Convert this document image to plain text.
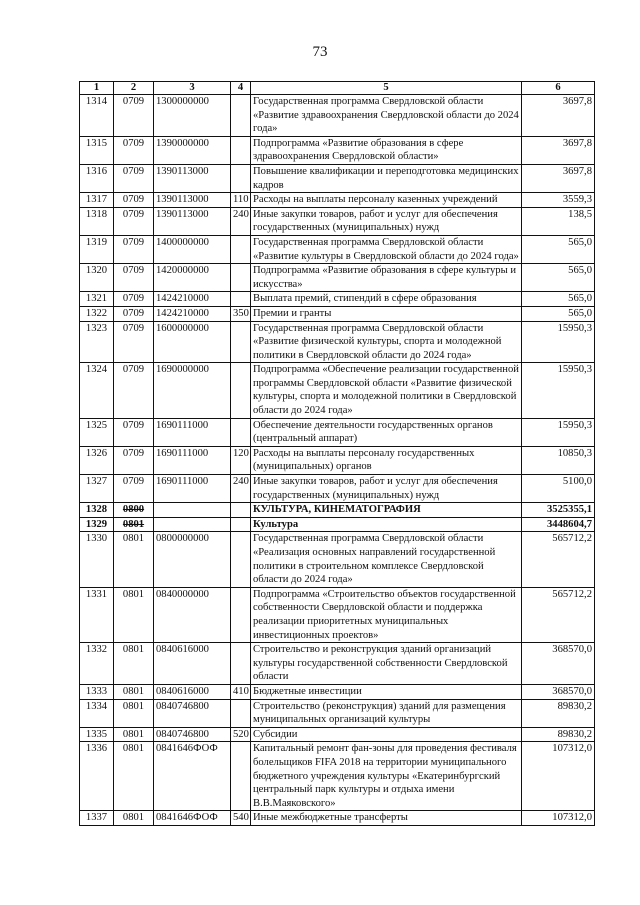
73
1	2	3	4	5	6
1314	0709	1300000000		Государственная программа Свердловской области «Развитие здравоохранения Свердловской области до 2024 года»	3697,8
1315	0709	1390000000		Подпрограмма «Развитие образования в сфере здравоохранения Свердловской области»	3697,8
1316	0709	1390113000		Повышение квалификации и переподготовка медицинских кадров	3697,8
1317	0709	1390113000	110	Расходы на выплаты персоналу казенных учреждений	3559,3
1318	0709	1390113000	240	Иные закупки товаров, работ и услуг для обеспечения государственных (муниципальных) нужд	138,5
1319	0709	1400000000		Государственная программа Свердловской области «Развитие культуры в Свердловской области до 2024 года»	565,0
1320	0709	1420000000		Подпрограмма «Развитие образования в сфере культуры и искусства»	565,0
1321	0709	1424210000		Выплата премий, стипендий в сфере образования	565,0
1322	0709	1424210000	350	Премии и гранты	565,0
1323	0709	1600000000		Государственная программа Свердловской области «Развитие физической культуры, спорта и молодежной политики в Свердловской области до 2024 года»	15950,3
1324	0709	1690000000		Подпрограмма «Обеспечение реализации государственной программы Свердловской области «Развитие физической культуры, спорта и молодежной политики в Свердловской области до 2024 года»	15950,3
1325	0709	1690111000		Обеспечение деятельности государственных органов (центральный аппарат)	15950,3
1326	0709	1690111000	120	Расходы на выплаты персоналу государственных (муниципальных) органов	10850,3
1327	0709	1690111000	240	Иные закупки товаров, работ и услуг для обеспечения государственных (муниципальных) нужд	5100,0
1328	0800			КУЛЬТУРА, КИНЕМАТОГРАФИЯ	3525355,1
1329	0801			Культура	3448604,7
1330	0801	0800000000		Государственная программа Свердловской области «Реализация основных направлений государственной политики в строительном комплексе Свердловской области до 2024 года»	565712,2
1331	0801	0840000000		Подпрограмма «Строительство объектов государственной собственности Свердловской области и поддержка реализации приоритетных муниципальных инвестиционных проектов»	565712,2
1332	0801	0840616000		Строительство и реконструкция зданий организаций культуры государственной собственности Свердловской области	368570,0
1333	0801	0840616000	410	Бюджетные инвестиции	368570,0
1334	0801	0840746800		Строительство (реконструкция) зданий для размещения муниципальных организаций культуры	89830,2
1335	0801	0840746800	520	Субсидии	89830,2
1336	0801	0841646ФОФ		Капитальный ремонт фан-зоны для проведения фестиваля болельщиков FIFA 2018 на территории муниципального бюджетного учреждения культуры «Екатеринбургский центральный парк культуры и отдыха имени В.В.Маяковского»	107312,0
1337	0801	0841646ФОФ	540	Иные межбюджетные трансферты	107312,0
